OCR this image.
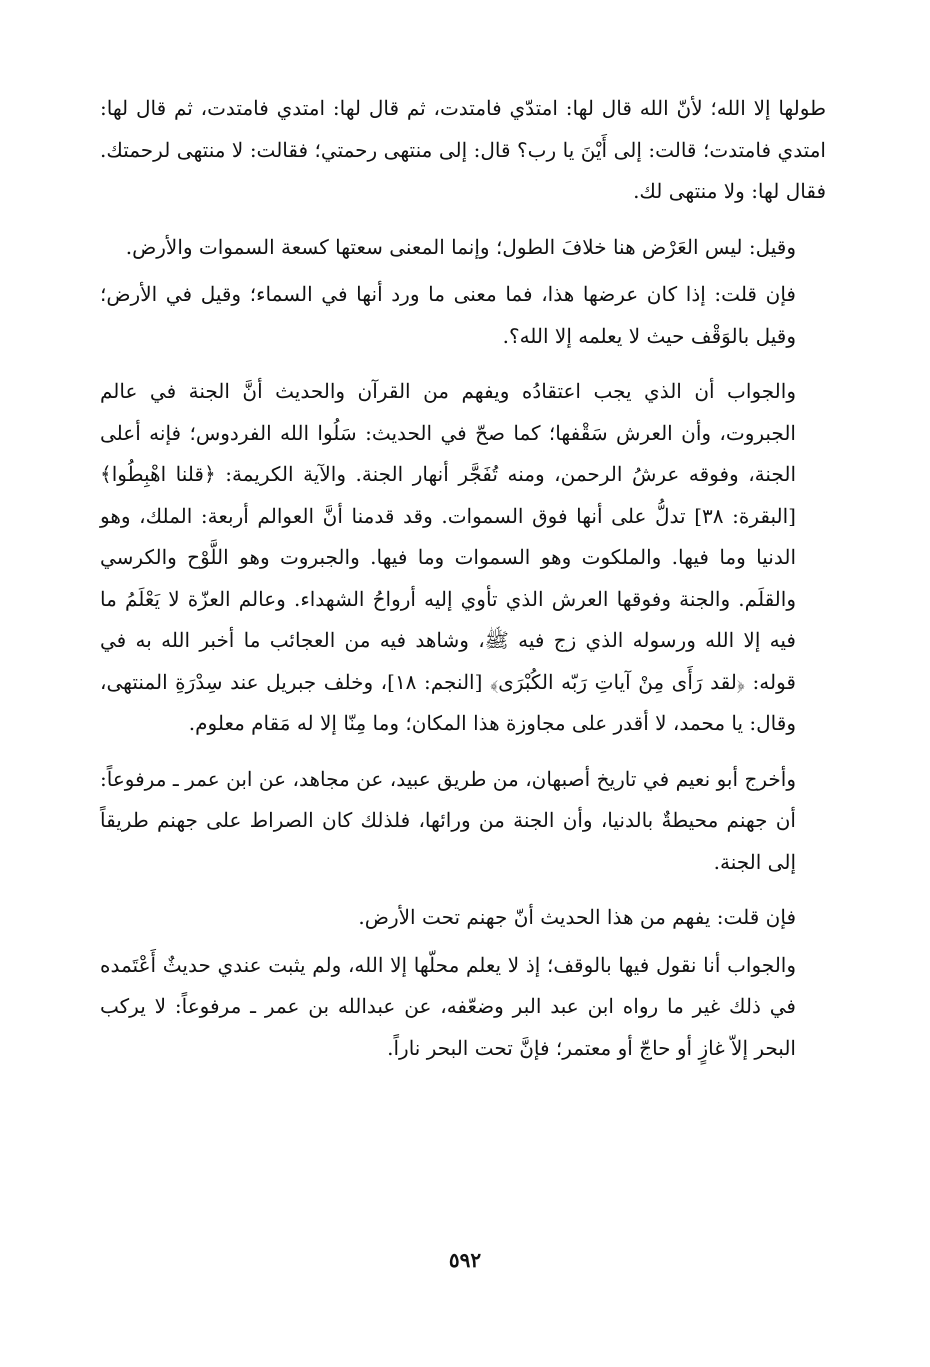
طولها إلا الله؛ لأنّ الله قال لها: امتدّي فامتدت، ثم قال لها: امتدي فامتدت، ثم قال لها: امتدي فامتدت؛ قالت: إلى أَيْنَ يا رب؟ قال: إلى منتهى رحمتي؛ فقالت: لا منتهى لرحمتك. فقال لها: ولا منتهى لك.

وقيل: ليس العَرْض هنا خلافَ الطول؛ وإنما المعنى سعتها كسعة السموات والأرض.

فإن قلت: إذا كان عرضها هذا، فما معنى ما ورد أنها في السماء؛ وقيل في الأرض؛ وقيل بالوَقْف حيث لا يعلمه إلا الله؟.

والجواب أن الذي يجب اعتقادُه ويفهم من القرآن والحديث أنَّ الجنة في عالم الجبروت، وأن العرش سَقْفها؛ كما صحّ في الحديث: سَلُوا الله الفردوس؛ فإنه أعلى الجنة، وفوقه عرشُ الرحمن، ومنه تُفَجَّر أنهار الجنة. والآية الكريمة: ﴿قلنا اهْبِطُوا﴾ [البقرة: ٣٨] تدلُّ على أنها فوق السموات. وقد قدمنا أنَّ العوالم أربعة: الملك، وهو الدنيا وما فيها. والملكوت وهو السموات وما فيها. والجبروت وهو اللَّوْح والكرسي والقلَم. والجنة وفوقها العرش الذي تأوي إليه أرواحُ الشهداء. وعالم العزّة لا يَعْلَمُ ما فيه إلا الله ورسوله الذي زج فيه ﷺ، وشاهد فيه من العجائب ما أخبر الله به في قوله: ﴿لقد رَأَى مِنْ آياتِ رَبّه الكُبْرَى﴾ [النجم: ١٨]، وخلف جبريل عند سِدْرَةِ المنتهى، وقال: يا محمد، لا أقدر على مجاوزة هذا المكان؛ وما مِنّا إلا له مَقام معلوم.

وأخرج أبو نعيم في تاريخ أصبهان، من طريق عبيد، عن مجاهد، عن ابن عمر ـ مرفوعاً: أن جهنم محيطةٌ بالدنيا، وأن الجنة من ورائها، فلذلك كان الصراط على جهنم طريقاً إلى الجنة.

فإن قلت: يفهم من هذا الحديث أنّ جهنم تحت الأرض.

والجواب أنا نقول فيها بالوقف؛ إذ لا يعلم محلّها إلا الله، ولم يثبت عندي حديثٌ أَعْتَمده في ذلك غير ما رواه ابن عبد البر وضعّفه، عن عبدالله بن عمر ـ مرفوعاً: لا يركب البحر إلاّ غازٍ أو حاجّ أو معتمر؛ فإنَّ تحت البحر ناراً.

٥٩٢
